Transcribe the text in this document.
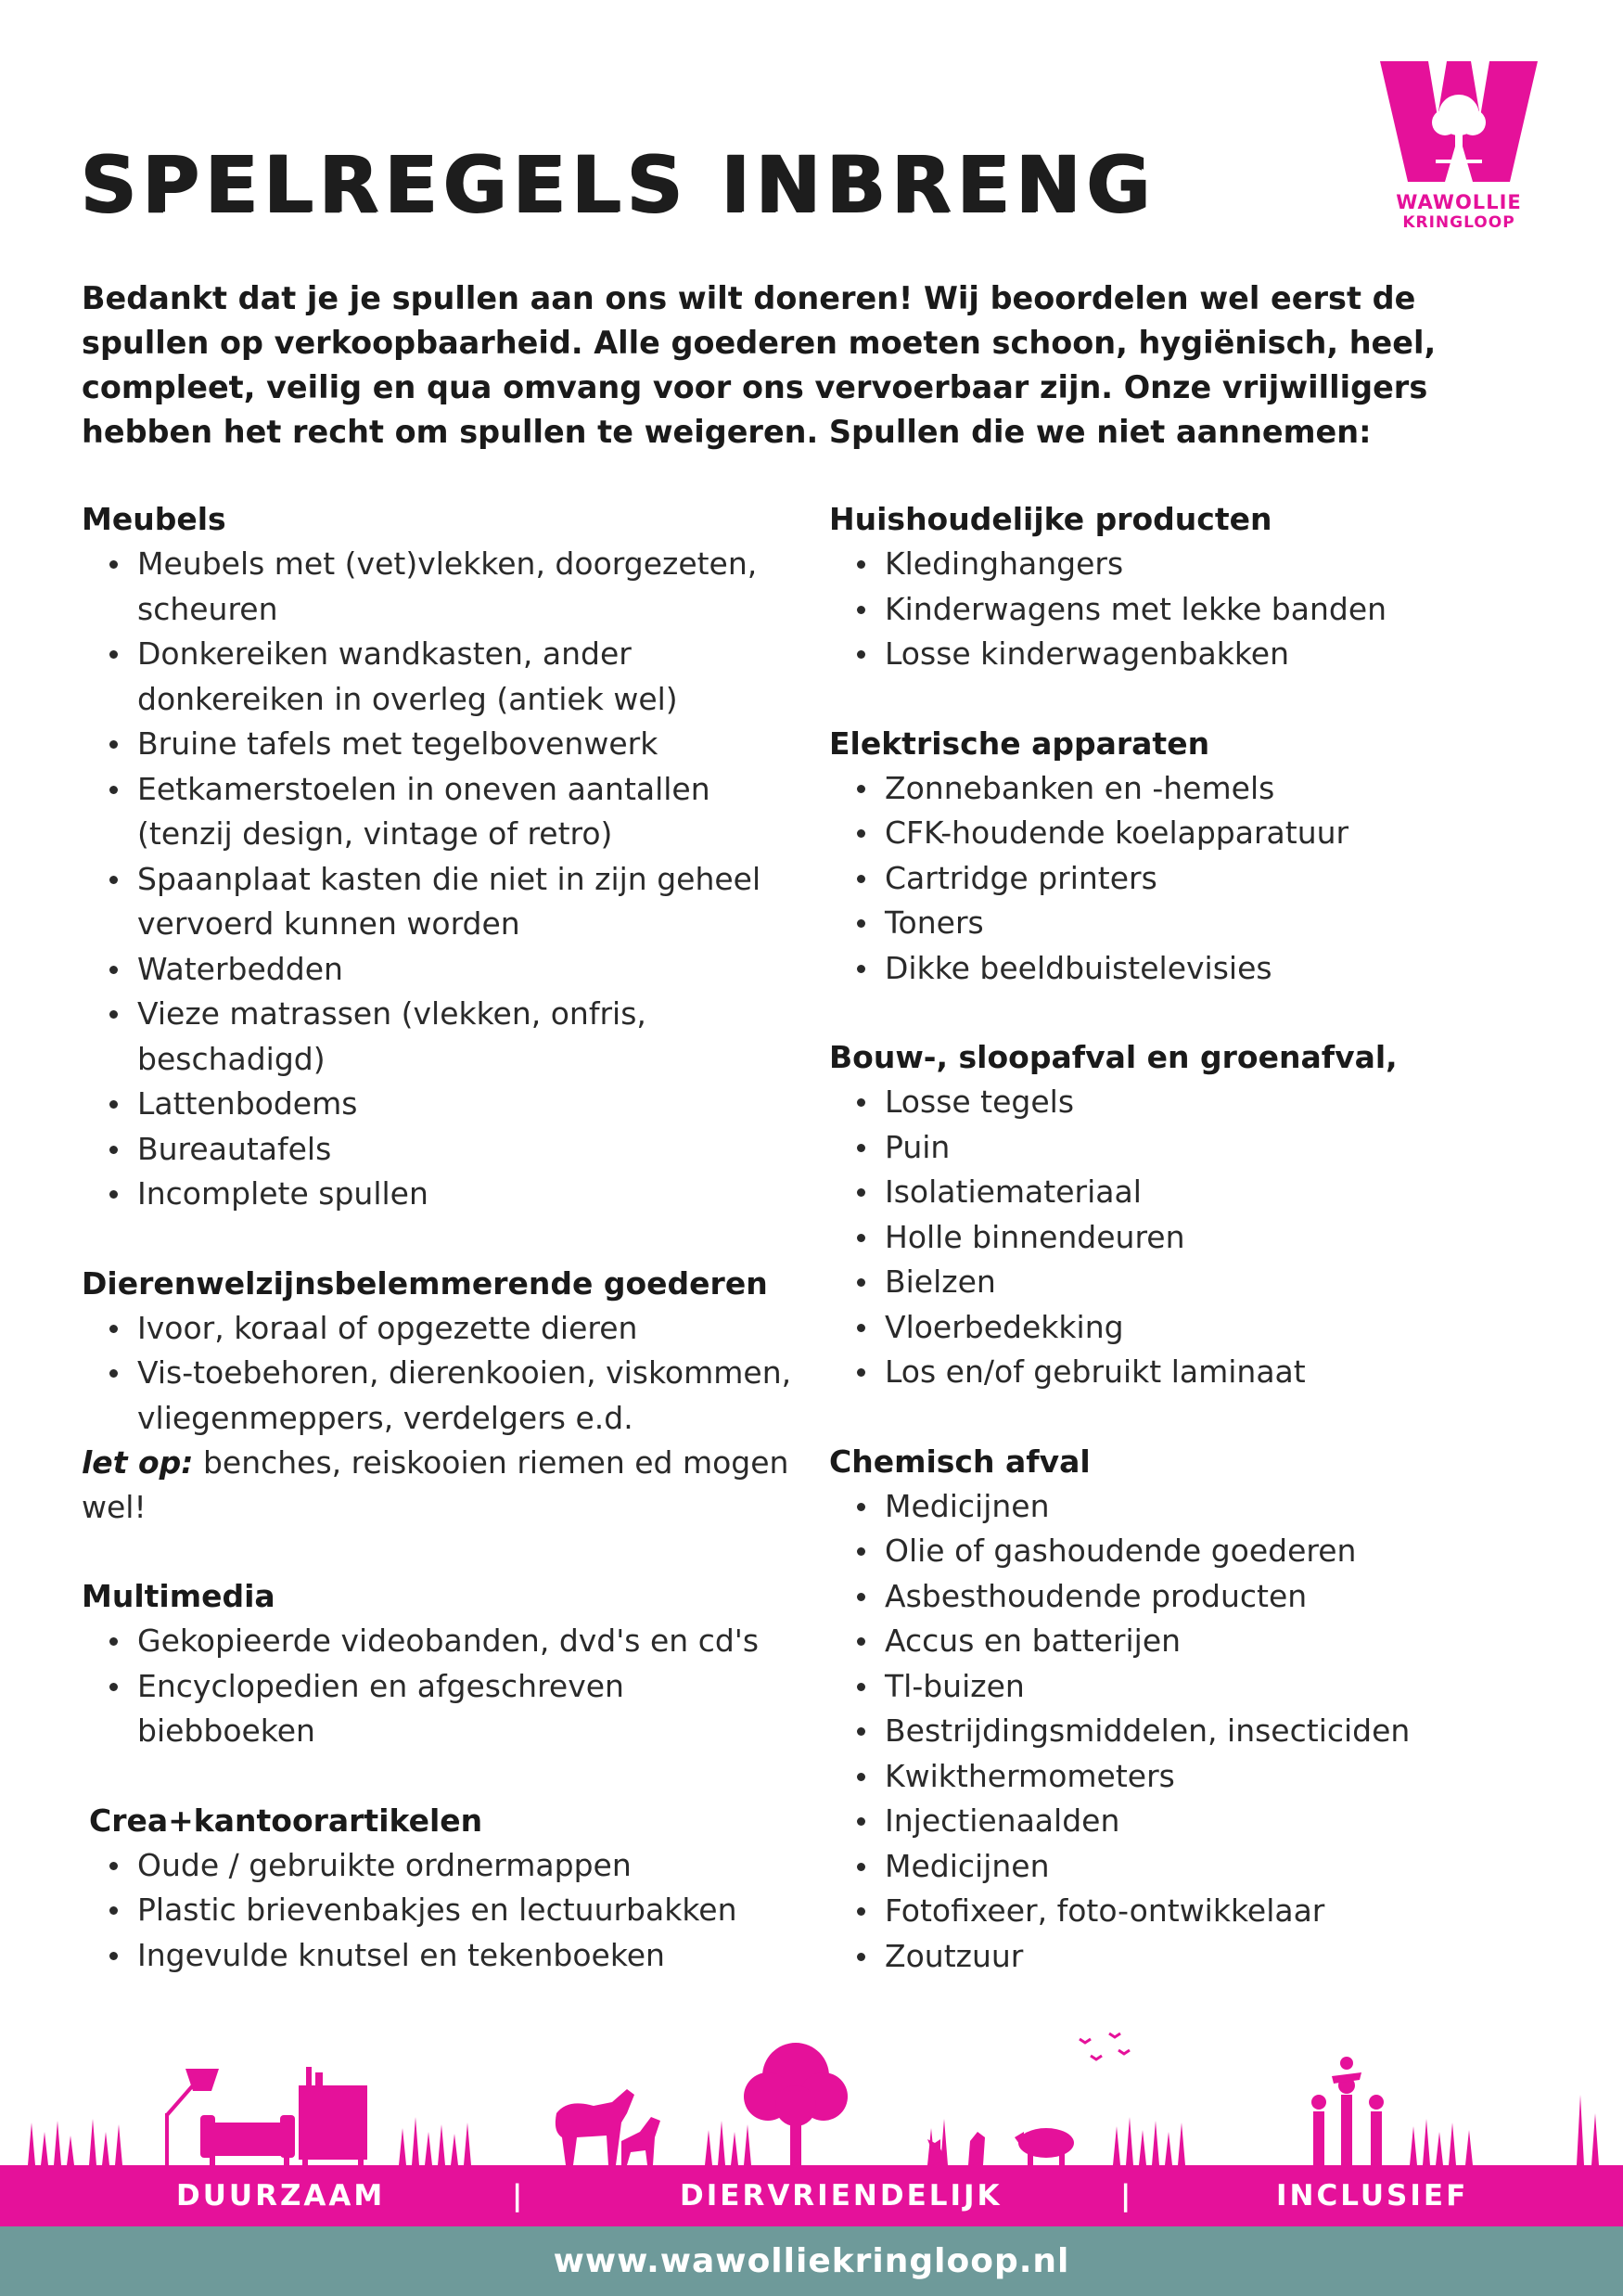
SPELREGELS INBRENG	WAWOLLIE
KRINGLOOP

Bedankt dat je je spullen aan ons wilt doneren! Wij beoordelen wel eerst de spullen op verkoopbaarheid. Alle goederen moeten schoon, hygiënisch, heel, compleet, veilig en qua omvang voor ons vervoerbaar zijn. Onze vrijwilligers hebben het recht om spullen te weigeren. Spullen die we niet aannemen:

Meubels
Meubels met (vet)vlekken, doorgezeten, scheuren
Donkereiken wandkasten, ander donkereiken in overleg (antiek wel)
Bruine tafels met tegelbovenwerk
Eetkamerstoelen in oneven aantallen (tenzij design, vintage of retro)
Spaanplaat kasten die niet in zijn geheel vervoerd kunnen worden
Waterbedden
Vieze matrassen (vlekken, onfris, beschadigd)
Lattenbodems
Bureautafels
Incomplete spullen
Dierenwelzijnsbelemmerende goederen
Ivoor, koraal of opgezette dieren
Vis-toebehoren, dierenkooien, viskommen, vliegenmeppers, verdelgers e.d.

let op: benches, reiskooien riemen ed mogen wel!

Multimedia
Gekopieerde videobanden, dvd's en cd's
Encyclopedien en afgeschreven biebboeken
Crea+kantoorartikelen
Oude / gebruikte ordnermappen
Plastic brievenbakjes en lectuurbakken
Ingevulde knutsel en tekenboeken
Huishoudelijke producten
Kledinghangers
Kinderwagens met lekke banden
Losse kinderwagenbakken
Elektrische apparaten
Zonnebanken en -hemels
CFK-houdende koelapparatuur
Cartridge printers
Toners
Dikke beeldbuistelevisies
Bouw-, sloopafval en groenafval,
Losse tegels
Puin
Isolatiemateriaal
Holle binnendeuren
Bielzen
Vloerbedekking
Los en/of gebruikt laminaat
Chemisch afval
Medicijnen
Olie of gashoudende goederen
Asbesthoudende producten
Accus en batterijen
Tl-buizen
Bestrijdingsmiddelen, insecticiden
Kwikthermometers
Injectienaalden
Medicijnen
Fotofixeer, foto-ontwikkelaar
Zoutzuur
DUURZAAM	|	DIERVRIENDELIJK	|	INCLUSIEF
www.wawolliekringloop.nl
